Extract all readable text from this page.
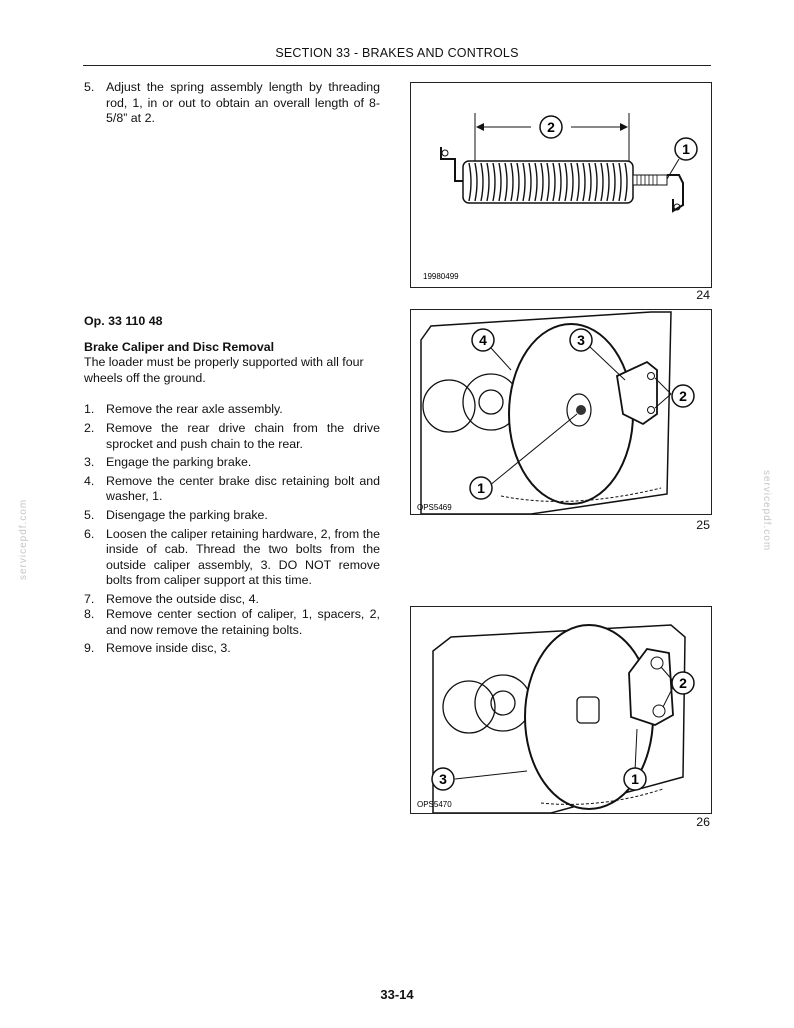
SECTION 33 - BRAKES AND CONTROLS
5. Adjust the spring assembly length by threading rod, 1, in or out to obtain an overall length of 8-5/8” at 2.
Op. 33 110 48
Brake Caliper and Disc Removal
The loader must be properly supported with all four wheels off the ground.
1. Remove the rear axle assembly.
2. Remove the rear drive chain from the drive sprocket and push chain to the rear.
3. Engage the parking brake.
4. Remove the center brake disc retaining bolt and washer, 1.
5. Disengage the parking brake.
6. Loosen the caliper retaining hardware, 2, from the inside of cab. Thread the two bolts from the outside caliper assembly, 3. DO NOT remove bolts from caliper support at this time.
7. Remove the outside disc, 4.
8. Remove center section of caliper, 1, spacers, 2, and now remove the retaining bolts.
9. Remove inside disc, 3.
2
1
19980499
24
4	3
2
1
OPS5469
25
2
3	1
OPS5470
26
servicepdf.com	servicepdf.com
33-14
